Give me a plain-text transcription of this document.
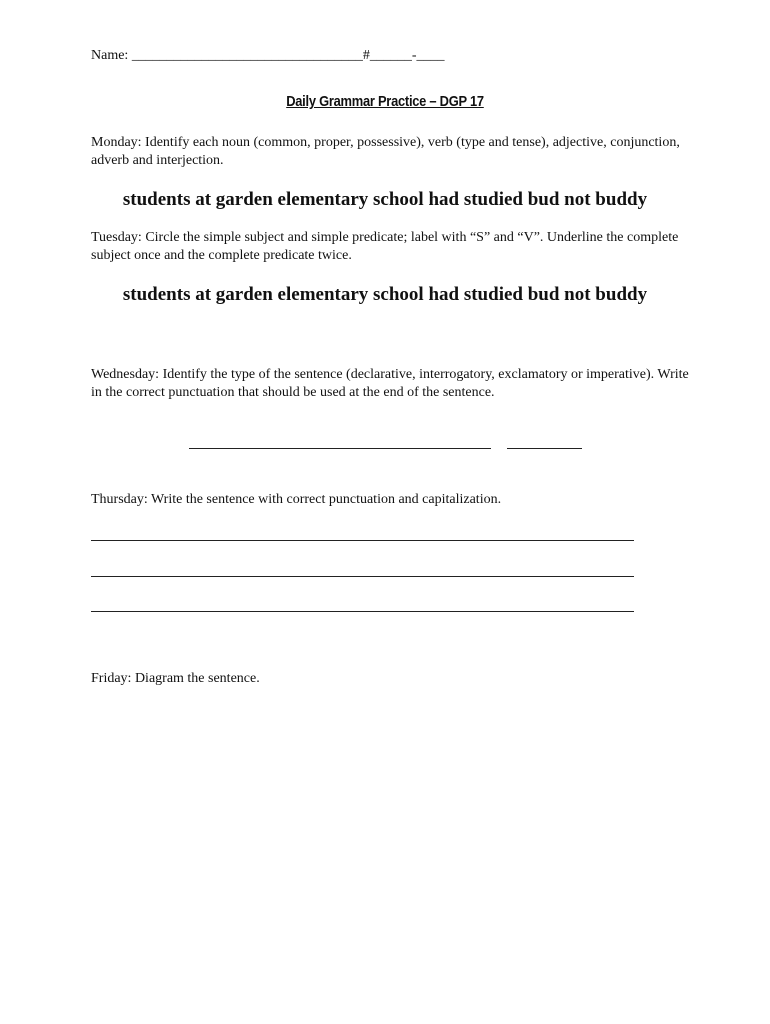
Name: _________________________________#______-____
Daily Grammar Practice – DGP 17
Monday: Identify each noun (common, proper, possessive), verb (type and tense), adjective, conjunction, adverb and interjection.
students at garden elementary school had studied bud not buddy
Tuesday: Circle the simple subject and simple predicate; label with “S” and “V”. Underline the complete subject once and the complete predicate twice.
students at garden elementary school had studied bud not buddy
Wednesday: Identify the type of the sentence (declarative, interrogatory, exclamatory or imperative). Write in the correct punctuation that should be used at the end of the sentence.
Thursday: Write the sentence with correct punctuation and capitalization.
Friday: Diagram the sentence.
